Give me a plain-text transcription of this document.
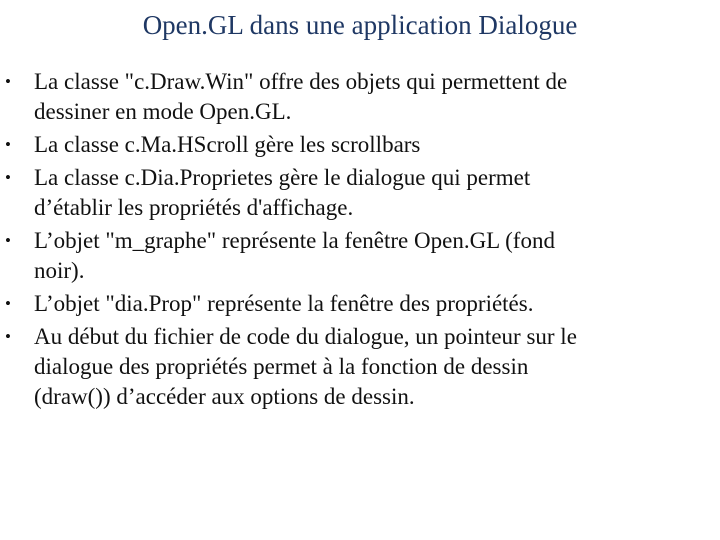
Open.GL dans une application Dialogue
• La classe "c.Draw.Win" offre des objets qui permettent de
dessiner en mode Open.GL.
• La classe c.Ma.HScroll gère les scrollbars
• La classe c.Dia.Proprietes gère le dialogue qui permet
d’établir les propriétés d'affichage.
• L’objet "m_graphe" représente la fenêtre Open.GL (fond
noir).
• L’objet "dia.Prop" représente la fenêtre des propriétés.
• Au début du fichier de code du dialogue, un pointeur sur le
dialogue des propriétés permet à la fonction de dessin
(draw()) d’accéder aux options de dessin.
